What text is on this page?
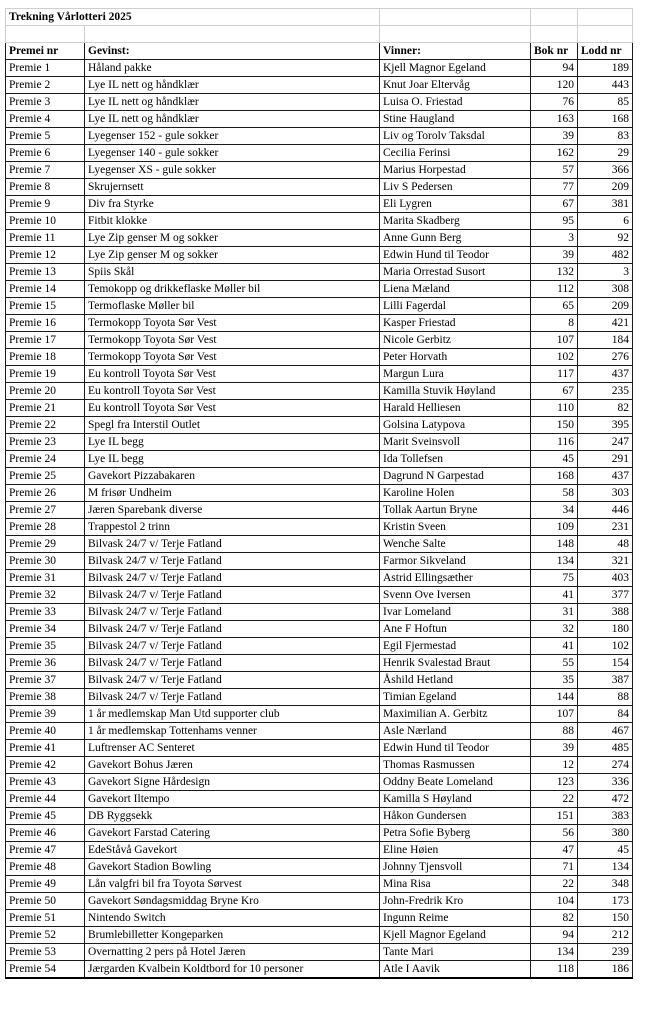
Trekning Vårlotteri 2025				

Premei nr	Gevinst:	Vinner:	Bok nr	Lodd nr
Premie 1	Håland pakke	Kjell Magnor Egeland	94	189
Premie 2	Lye IL nett og håndklær	Knut Joar Eltervåg	120	443
Premie 3	Lye IL nett og håndklær	Luisa O. Friestad	76	85
Premie 4	Lye IL nett og håndklær	Stine Haugland	163	168
Premie 5	Lyegenser 152 - gule sokker	Liv og Torolv Taksdal	39	83
Premie 6	Lyegenser 140 - gule sokker	Cecilia Ferinsi	162	29
Premie 7	Lyegenser XS - gule sokker	Marius Horpestad	57	366
Premie 8	Skrujernsett	Liv S Pedersen	77	209
Premie 9	Div fra Styrke	Eli Lygren	67	381
Premie 10	Fitbit klokke	Marita Skadberg	95	6
Premie 11	Lye Zip genser M og sokker	Anne Gunn Berg	3	92
Premie 12	Lye Zip genser M og sokker	Edwin Hund til Teodor	39	482
Premie 13	Spiis Skål	Maria Orrestad Susort	132	3
Premie 14	Temokopp og drikkeflaske Møller bil	Liena Mæland	112	308
Premie 15	Termoflaske Møller bil	Lilli Fagerdal	65	209
Premie 16	Termokopp Toyota Sør Vest	Kasper Friestad	8	421
Premie 17	Termokopp Toyota Sør Vest	Nicole Gerbitz	107	184
Premie 18	Termokopp Toyota Sør Vest	Peter Horvath	102	276
Premie 19	Eu kontroll Toyota Sør Vest	Margun Lura	117	437
Premie 20	Eu kontroll Toyota Sør Vest	Kamilla Stuvik Høyland	67	235
Premie 21	Eu kontroll Toyota Sør Vest	Harald Helliesen	110	82
Premie 22	Spegl fra Interstil Outlet	Golsina Latypova	150	395
Premie 23	Lye IL begg	Marit Sveinsvoll	116	247
Premie 24	Lye IL begg	Ida Tollefsen	45	291
Premie 25	Gavekort Pizzabakaren	Dagrund N Garpestad	168	437
Premie 26	M frisør Undheim	Karoline Holen	58	303
Premie 27	Jæren Sparebank diverse	Tollak Aartun Bryne	34	446
Premie 28	Trappestol 2 trinn	Kristin Sveen	109	231
Premie 29	Bilvask 24/7 v/ Terje Fatland	Wenche Salte	148	48
Premie 30	Bilvask 24/7 v/ Terje Fatland	Farmor Sikveland	134	321
Premie 31	Bilvask 24/7 v/ Terje Fatland	Astrid Ellingsæther	75	403
Premie 32	Bilvask 24/7 v/ Terje Fatland	Svenn Ove Iversen	41	377
Premie 33	Bilvask 24/7 v/ Terje Fatland	Ivar Lomeland	31	388
Premie 34	Bilvask 24/7 v/ Terje Fatland	Ane F Hoftun	32	180
Premie 35	Bilvask 24/7 v/ Terje Fatland	Egil Fjermestad	41	102
Premie 36	Bilvask 24/7 v/ Terje Fatland	Henrik Svalestad Braut	55	154
Premie 37	Bilvask 24/7 v/ Terje Fatland	Åshild Hetland	35	387
Premie 38	Bilvask 24/7 v/ Terje Fatland	Timian Egeland	144	88
Premie 39	1 år medlemskap Man Utd supporter club	Maximilian A. Gerbitz	107	84
Premie 40	1 år medlemskap Tottenhams venner	Asle Nærland	88	467
Premie 41	Luftrenser AC Senteret	Edwin Hund til Teodor	39	485
Premie 42	Gavekort Bohus Jæren	Thomas Rasmussen	12	274
Premie 43	Gavekort Signe Hårdesign	Oddny Beate Lomeland	123	336
Premie 44	Gavekort Iltempo	Kamilla S Høyland	22	472
Premie 45	DB Ryggsekk	Håkon Gundersen	151	383
Premie 46	Gavekort Farstad Catering	Petra Sofie Byberg	56	380
Premie 47	EdeStåvå Gavekort	Eline Høien	47	45
Premie 48	Gavekort Stadion Bowling	Johnny Tjensvoll	71	134
Premie 49	Lån valgfri bil fra Toyota Sørvest	Mina Risa	22	348
Premie 50	Gavekort Søndagsmiddag Bryne Kro	John-Fredrik Kro	104	173
Premie 51	Nintendo Switch	Ingunn Reime	82	150
Premie 52	Brumlebilletter Kongeparken	Kjell Magnor Egeland	94	212
Premie 53	Overnatting 2 pers på Hotel Jæren	Tante Mari	134	239
Premie 54	Jærgarden Kvalbein Koldtbord for 10 personer	Atle I Aavik	118	186
